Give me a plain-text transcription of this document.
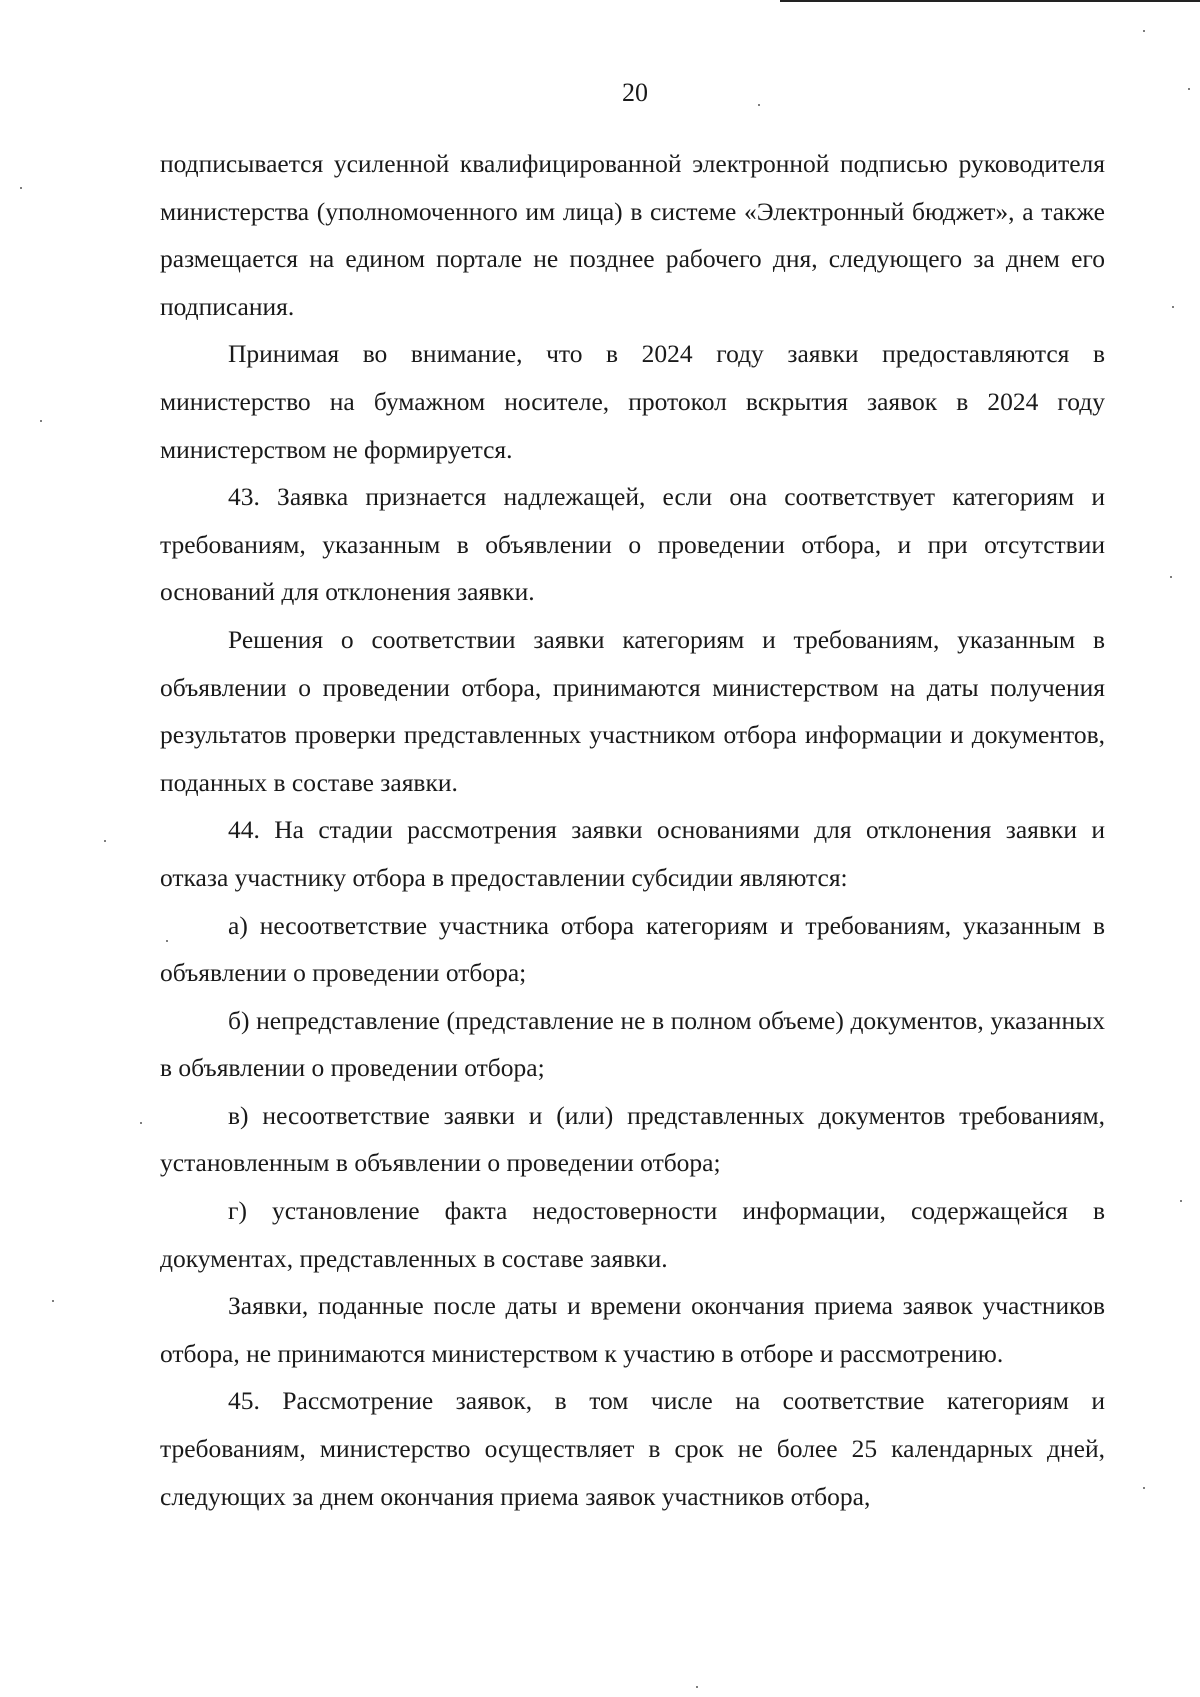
20

подписывается усиленной квалифицированной электронной подписью руководителя министерства (уполномоченного им лица) в системе «Электронный бюджет», а также размещается на едином портале не позднее рабочего дня, следующего за днем его подписания.

Принимая во внимание, что в 2024 году заявки предоставляются в министерство на бумажном носителе, протокол вскрытия заявок в 2024 году министерством не формируется.

43. Заявка признается надлежащей, если она соответствует категориям и требованиям, указанным в объявлении о проведении отбора, и при отсутствии оснований для отклонения заявки.

Решения о соответствии заявки категориям и требованиям, указанным в объявлении о проведении отбора, принимаются министерством на даты получения результатов проверки представленных участником отбора информации и документов, поданных в составе заявки.

44. На стадии рассмотрения заявки основаниями для отклонения заявки и отказа участнику отбора в предоставлении субсидии являются:

а) несоответствие участника отбора категориям и требованиям, указанным в объявлении о проведении отбора;

б) непредставление (представление не в полном объеме) документов, указанных в объявлении о проведении отбора;

в) несоответствие заявки и (или) представленных документов требованиям, установленным в объявлении о проведении отбора;

г) установление факта недостоверности информации, содержащейся в документах, представленных в составе заявки.

Заявки, поданные после даты и времени окончания приема заявок участников отбора, не принимаются министерством к участию в отборе и рассмотрению.

45. Рассмотрение заявок, в том числе на соответствие категориям и требованиям, министерство осуществляет в срок не более 25 календарных дней, следующих за днем окончания приема заявок участников отбора,
